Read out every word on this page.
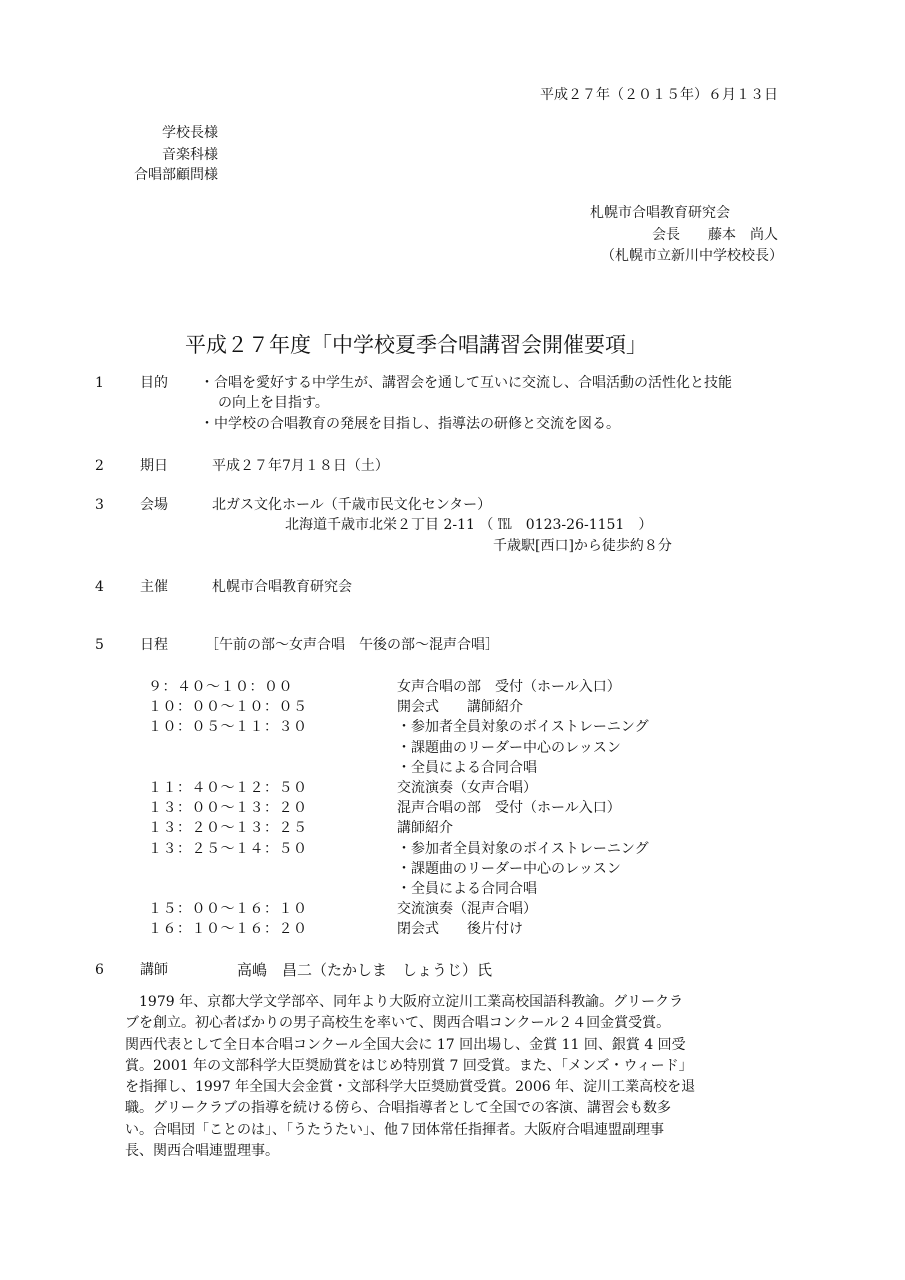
平成２７年（２０１５年）６月１３日
学校長様
音楽科様
合唱部顧問様
札幌市合唱教育研究会
会長　　藤本　尚人
（札幌市立新川中学校校長）
平成２７年度「中学校夏季合唱講習会開催要項」
1	目的 ・合唱を愛好する中学生が、講習会を通して互いに交流し、合唱活動の活性化と技能
の向上を目指す。
・中学校の合唱教育の発展を目指し、指導法の研修と交流を図る。
2	期日	平成２７年7月１８日（土）
3	会場	北ガス文化ホール（千歳市民文化センター）
北海道千歳市北栄２丁目 2-11 （ ℡　0123-26-1151　）
千歳駅[西口]から徒歩約８分
4	主催	札幌市合唱教育研究会
5	日程	［午前の部～女声合唱　午後の部～混声合唱］
９：４０～１０：００	女声合唱の部　受付（ホール入口）
１０：００～１０：０５	開会式　　講師紹介
１０：０５～１１：３０	・参加者全員対象のボイストレーニング
・課題曲のリーダー中心のレッスン
・全員による合同合唱
１１：４０～１２：５０	交流演奏（女声合唱）
１３：００～１３：２０	混声合唱の部　受付（ホール入口）
１３：２０～１３：２５	講師紹介
１３：２５～１４：５０	・参加者全員対象のボイストレーニング
・課題曲のリーダー中心のレッスン
・全員による合同合唱
１５：００～１６：１０	交流演奏（混声合唱）
１６：１０～１６：２０	閉会式　　後片付け
6	講師	高嶋　昌二（たかしま　しょうじ）氏
　1979 年、京都大学文学部卒、同年より大阪府立淀川工業高校国語科教諭。グリークラ
ブを創立。初心者ばかりの男子高校生を率いて、関西合唱コンクール２４回金賞受賞。
関西代表として全日本合唱コンクール全国大会に 17 回出場し、金賞 11 回、銀賞 4 回受
賞。2001 年の文部科学大臣奨励賞をはじめ特別賞 7 回受賞。また、「メンズ・ウィード」
を指揮し、1997 年全国大会金賞・文部科学大臣奨励賞受賞。2006 年、淀川工業高校を退
職。グリークラブの指導を続ける傍ら、合唱指導者として全国での客演、講習会も数多
い。合唱団「ことのは」、「うたうたい」、他７団体常任指揮者。大阪府合唱連盟副理事
長、関西合唱連盟理事。
